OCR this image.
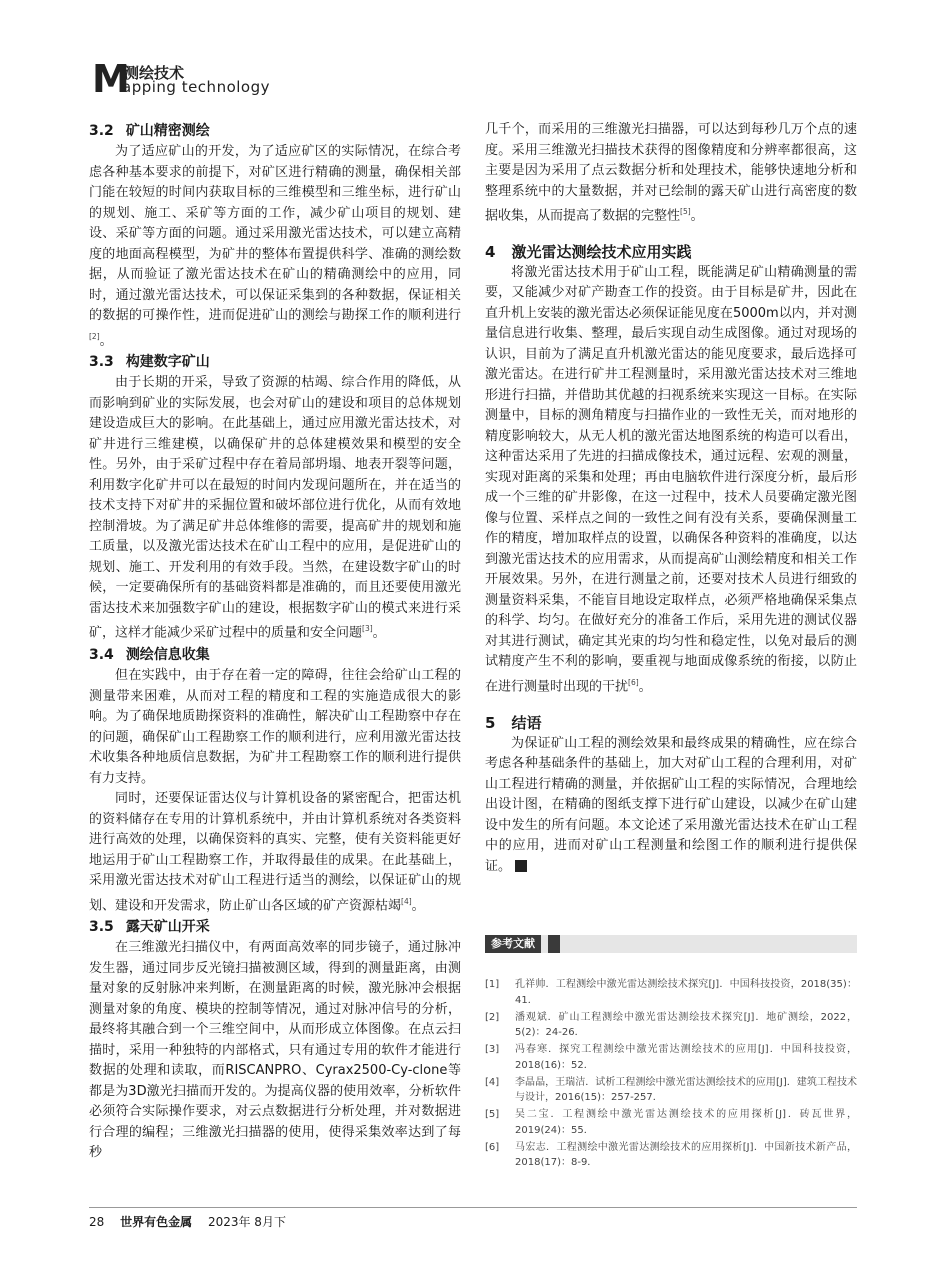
M
测绘技术
apping technology
3.2 矿山精密测绘

为了适应矿山的开发，为了适应矿区的实际情况，在综合考虑各种基本要求的前提下，对矿区进行精确的测量，确保相关部门能在较短的时间内获取目标的三维模型和三维坐标，进行矿山的规划、施工、采矿等方面的工作，减少矿山项目的规划、建设、采矿等方面的问题。通过采用激光雷达技术，可以建立高精度的地面高程模型，为矿井的整体布置提供科学、准确的测绘数据，从而验证了激光雷达技术在矿山的精确测绘中的应用，同时，通过激光雷达技术，可以保证采集到的各种数据，保证相关的数据的可操作性，进而促进矿山的测绘与勘探工作的顺利进行[2]。

3.3 构建数字矿山

由于长期的开采，导致了资源的枯竭、综合作用的降低，从而影响到矿业的实际发展，也会对矿山的建设和项目的总体规划建设造成巨大的影响。在此基础上，通过应用激光雷达技术，对矿井进行三维建模，以确保矿井的总体建模效果和模型的安全性。另外，由于采矿过程中存在着局部坍塌、地表开裂等问题，利用数字化矿井可以在最短的时间内发现问题所在，并在适当的技术支持下对矿井的采掘位置和破坏部位进行优化，从而有效地控制滑坡。为了满足矿井总体维修的需要，提高矿井的规划和施工质量，以及激光雷达技术在矿山工程中的应用，是促进矿山的规划、施工、开发利用的有效手段。当然，在建设数字矿山的时候，一定要确保所有的基础资料都是准确的，而且还要使用激光雷达技术来加强数字矿山的建设，根据数字矿山的模式来进行采矿，这样才能减少采矿过程中的质量和安全问题[3]。

3.4 测绘信息收集

但在实践中，由于存在着一定的障碍，往往会给矿山工程的测量带来困难，从而对工程的精度和工程的实施造成很大的影响。为了确保地质勘探资料的准确性，解决矿山工程勘察中存在的问题，确保矿山工程勘察工作的顺利进行，应利用激光雷达技术收集各种地质信息数据，为矿井工程勘察工作的顺利进行提供有力支持。

同时，还要保证雷达仪与计算机设备的紧密配合，把雷达机的资料储存在专用的计算机系统中，并由计算机系统对各类资料进行高效的处理，以确保资料的真实、完整，使有关资料能更好地运用于矿山工程勘察工作，并取得最佳的成果。在此基础上，采用激光雷达技术对矿山工程进行适当的测绘，以保证矿山的规划、建设和开发需求，防止矿山各区域的矿产资源枯竭[4]。

3.5 露天矿山开采

在三维激光扫描仪中，有两面高效率的同步镜子，通过脉冲发生器，通过同步反光镜扫描被测区域，得到的测量距离，由测量对象的反射脉冲来判断，在测量距离的时候，激光脉冲会根据测量对象的角度、模块的控制等情况，通过对脉冲信号的分析，最终将其融合到一个三维空间中，从而形成立体图像。在点云扫描时，采用一种独特的内部格式，只有通过专用的软件才能进行数据的处理和读取，而RISCANPRO、Cyrax2500-Cy-clone等都是为3D激光扫描而开发的。为提高仪器的使用效率，分析软件必须符合实际操作要求，对云点数据进行分析处理，并对数据进行合理的编程；三维激光扫描器的使用，使得采集效率达到了每秒

几千个，而采用的三维激光扫描器，可以达到每秒几万个点的速度。采用三维激光扫描技术获得的图像精度和分辨率都很高，这主要是因为采用了点云数据分析和处理技术，能够快速地分析和整理系统中的大量数据，并对已绘制的露天矿山进行高密度的数据收集，从而提高了数据的完整性[5]。

4 激光雷达测绘技术应用实践

将激光雷达技术用于矿山工程，既能满足矿山精确测量的需要，又能减少对矿产勘查工作的投资。由于目标是矿井，因此在直升机上安装的激光雷达必须保证能见度在5000m以内，并对测量信息进行收集、整理，最后实现自动生成图像。通过对现场的认识，目前为了满足直升机激光雷达的能见度要求，最后选择可激光雷达。在进行矿井工程测量时，采用激光雷达技术对三维地形进行扫描，并借助其优越的扫视系统来实现这一目标。在实际测量中，目标的测角精度与扫描作业的一致性无关，而对地形的精度影响较大，从无人机的激光雷达地图系统的构造可以看出，这种雷达采用了先进的扫描成像技术，通过远程、宏观的测量，实现对距离的采集和处理；再由电脑软件进行深度分析，最后形成一个三维的矿井影像，在这一过程中，技术人员要确定激光图像与位置、采样点之间的一致性之间有没有关系，要确保测量工作的精度，增加取样点的设置，以确保各种资料的准确度，以达到激光雷达技术的应用需求，从而提高矿山测绘精度和相关工作开展效果。另外，在进行测量之前，还要对技术人员进行细致的测量资料采集，不能盲目地设定取样点，必须严格地确保采集点的科学、均匀。在做好充分的准备工作后，采用先进的测试仪器对其进行测试，确定其光束的均匀性和稳定性，以免对最后的测试精度产生不利的影响，要重视与地面成像系统的衔接，以防止在进行测量时出现的干扰[6]。

5 结语

为保证矿山工程的测绘效果和最终成果的精确性，应在综合考虑各种基础条件的基础上，加大对矿山工程的合理利用，对矿山工程进行精确的测量，并依据矿山工程的实际情况，合理地绘出设计图，在精确的图纸支撑下进行矿山建设，以减少在矿山建设中发生的所有问题。本文论述了采用激光雷达技术在矿山工程中的应用，进而对矿山工程测量和绘图工作的顺利进行提供保证。	■

参考文献
[1]	孔祥帅．工程测绘中激光雷达测绘技术探究[J]．中国科技投资，2018(35)：41．
[2]	潘观斌．矿山工程测绘中激光雷达测绘技术探究[J]．地矿测绘，2022，5(2)：24-26．
[3]	冯春寒．探究工程测绘中激光雷达测绘技术的应用[J]．中国科技投资，2018(16)：52．
[4]	李晶晶，王瑞洁．试析工程测绘中激光雷达测绘技术的应用[J]．建筑工程技术与设计，2016(15)：257-257．
[5]	吴二宝．工程测绘中激光雷达测绘技术的应用探析[J]．砖瓦世界，2019(24)：55．
[6]	马宏志．工程测绘中激光雷达测绘技术的应用探析[J]．中国新技术新产品，2018(17)：8-9．
28 世界有色金属 2023年 8月下
